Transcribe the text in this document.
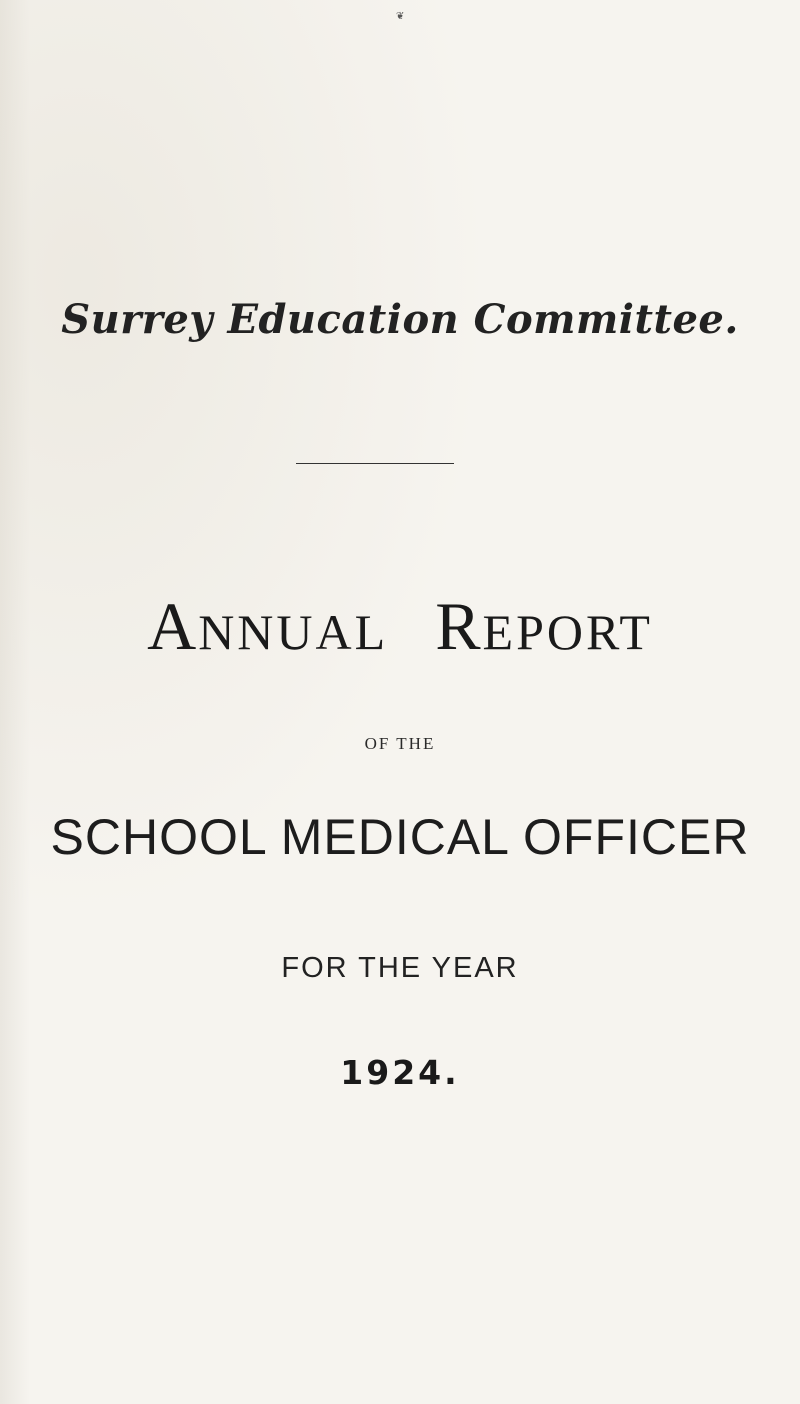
❦
Surrey Education Committee.
ANNUAL REPORT
OF THE
SCHOOL MEDICAL OFFICER
FOR THE YEAR
1924.
